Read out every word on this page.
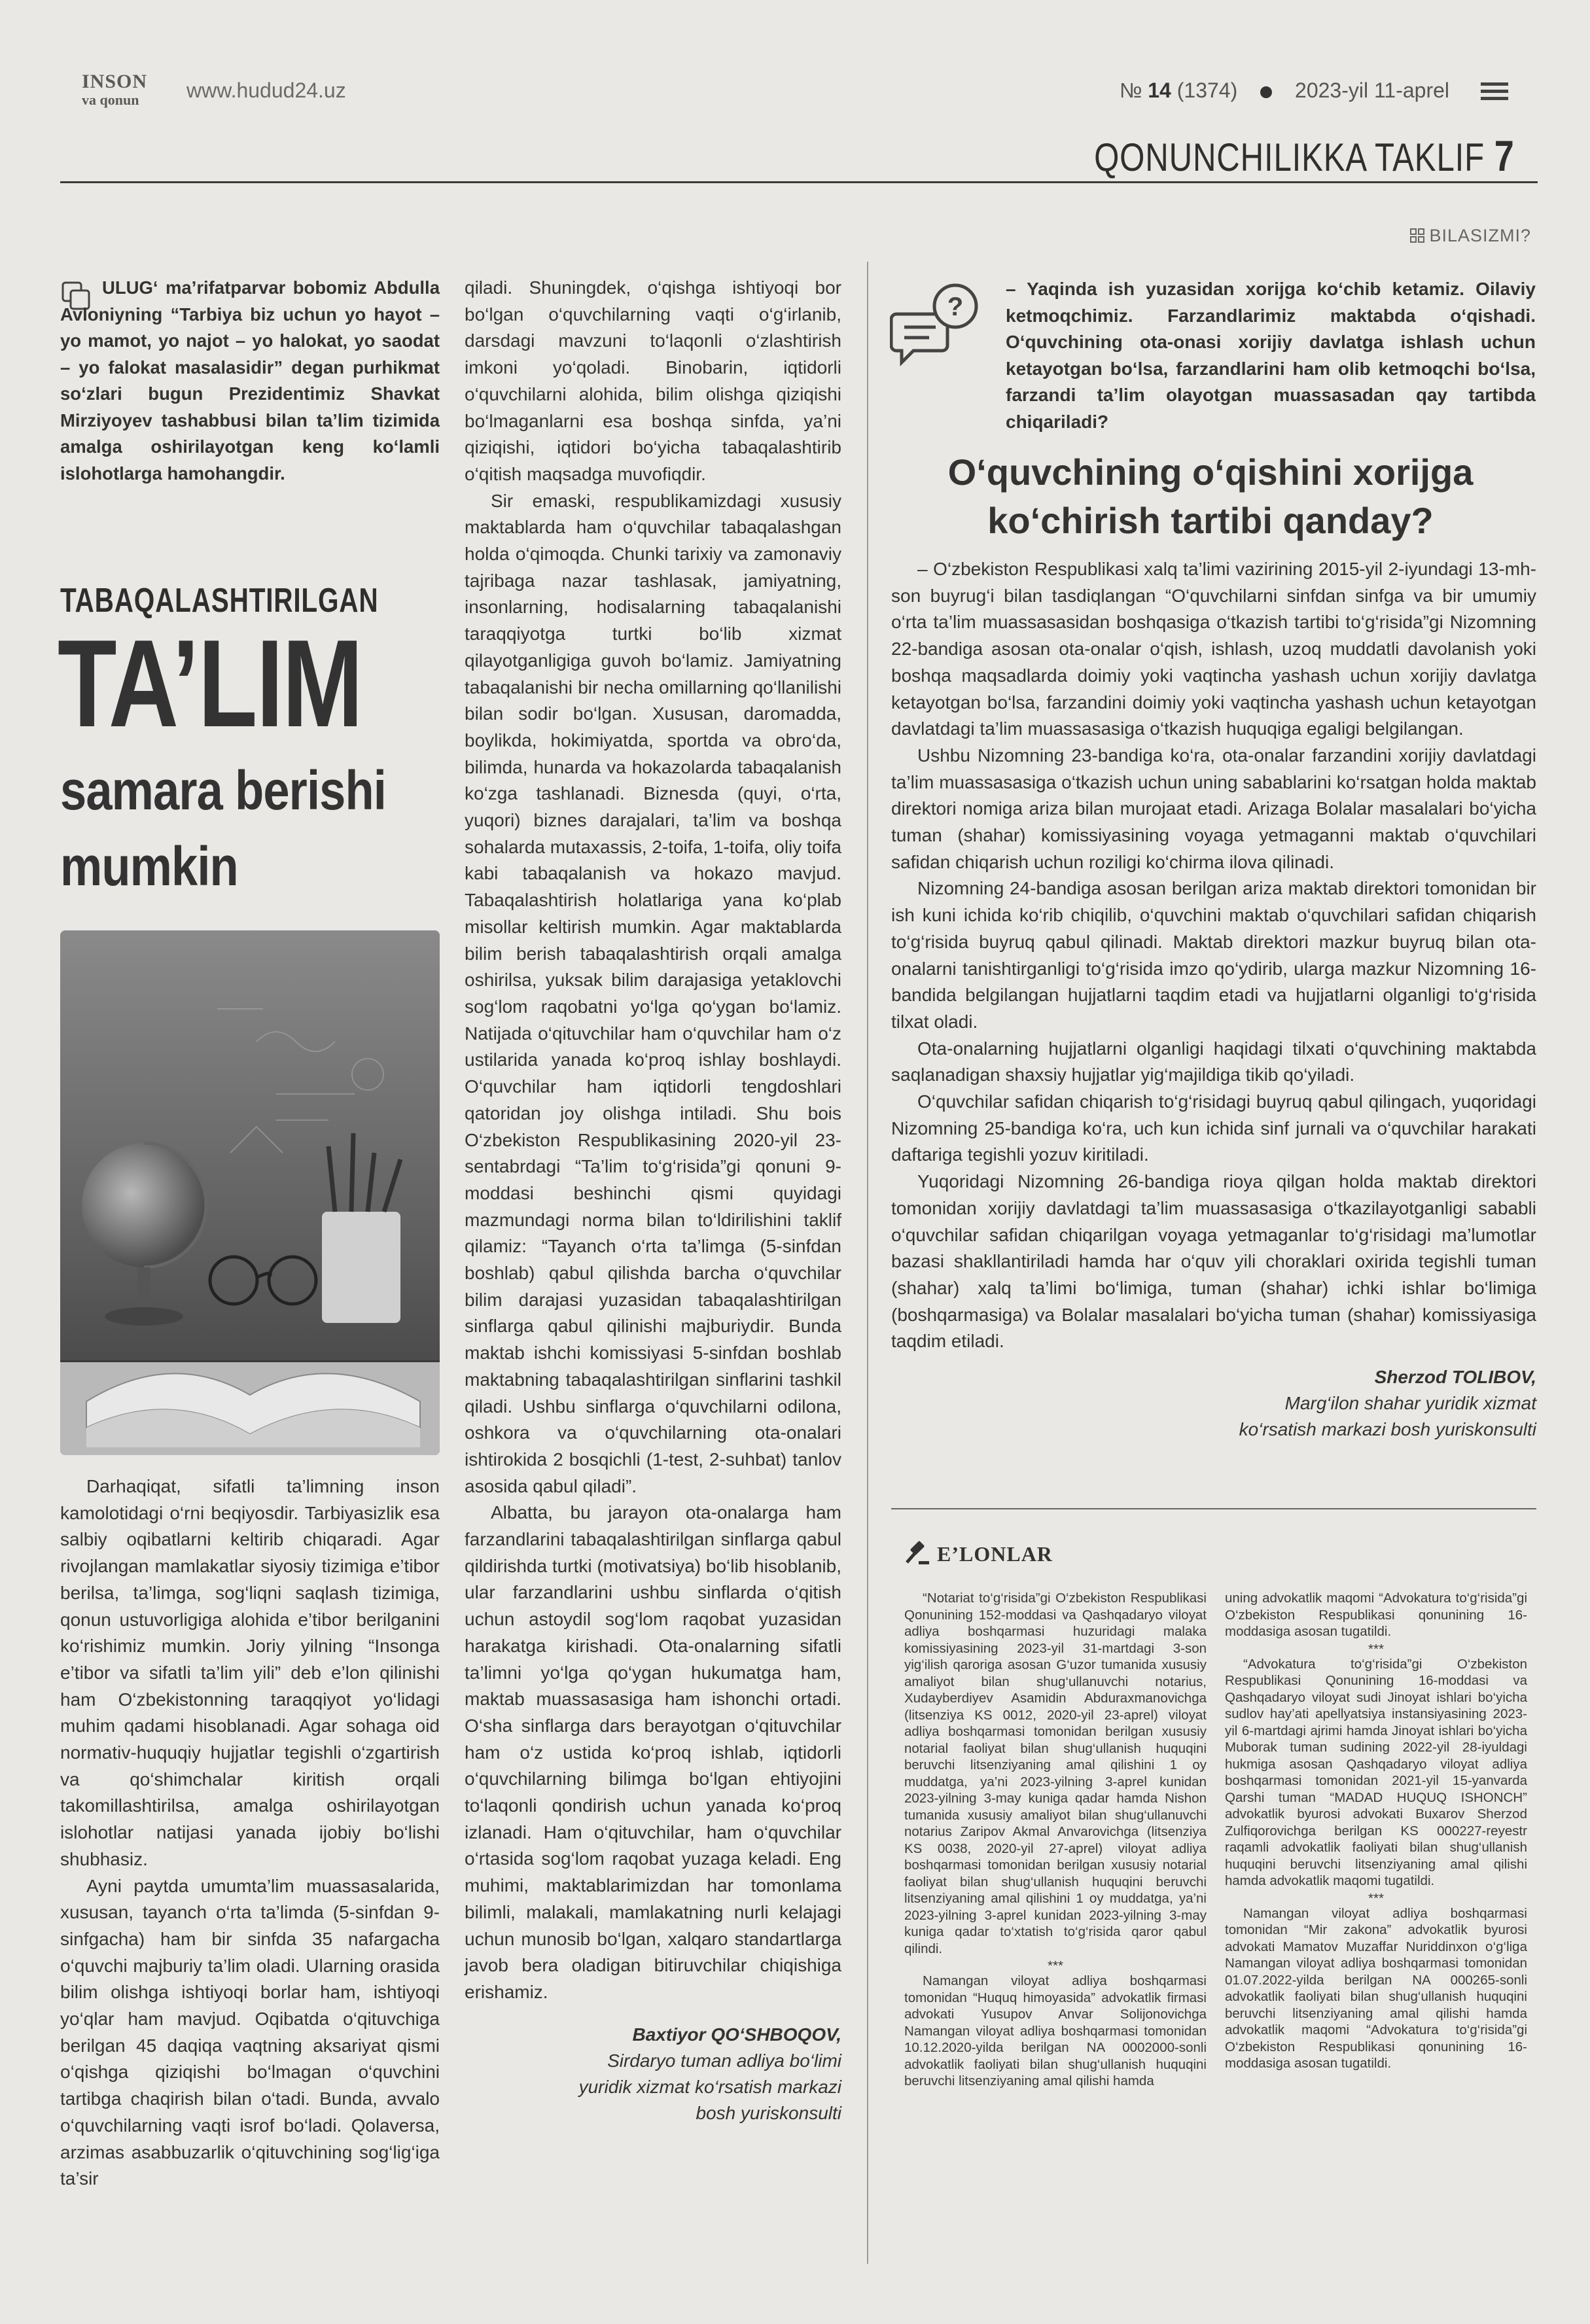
INSON
va qonun	www.hudud24.uz	№ 14 (1374)	2023-yil 11-aprel
QONUNCHILIKKA TAKLIF 7

ULUG‘ ma’rifatparvar bobomiz Abdulla Avloniyning “Tarbiya biz uchun yo hayot – yo mamot, yo najot – yo halokat, yo saodat – yo falokat masalasidir” degan purhikmat so‘zlari bugun Prezidentimiz Shavkat Mirziyoyev tashabbusi bilan ta’lim tizimida amalga oshirilayotgan keng ko‘lamli islohotlarga hamohangdir.

TABAQALASHTIRILGAN
TA’LIM
samara berishi mumkin

Darhaqiqat, sifatli ta’limning inson kamolotidagi o‘rni beqiyosdir. Tarbiyasizlik esa salbiy oqibatlarni keltirib chiqaradi. Agar rivojlangan mamlakatlar siyosiy tizimiga e’tibor berilsa, ta’limga, sog‘liqni saqlash tizimiga, qonun ustuvorligiga alohida e’tibor berilganini ko‘rishimiz mumkin. Joriy yilning “Insonga e’tibor va sifatli ta’lim yili” deb e’lon qilinishi ham O‘zbekistonning taraqqiyot yo‘lidagi muhim qadami hisoblanadi. Agar sohaga oid normativ-huquqiy hujjatlar tegishli o‘zgartirish va qo‘shimchalar kiritish orqali takomillashtirilsa, amalga oshirilayotgan islohotlar natijasi yanada ijobiy bo‘lishi shubhasiz.

Ayni paytda umumta’lim muassasalarida, xususan, tayanch o‘rta ta’limda (5-sinfdan 9-sinfgacha) ham bir sinfda 35 nafargacha o‘quvchi majburiy ta’lim oladi. Ularning orasida bilim olishga ishtiyoqi borlar ham, ishtiyoqi yo‘qlar ham mavjud. Oqibatda o‘qituvchiga berilgan 45 daqiqa vaqtning aksariyat qismi o‘qishga qiziqishi bo‘lmagan o‘quvchini tartibga chaqirish bilan o‘tadi. Bunda, avvalo o‘quvchilarning vaqti isrof bo‘ladi. Qolaversa, arzimas asabbuzarlik o‘qituvchining sog‘lig‘iga ta’sir

qiladi. Shuningdek, o‘qishga ishtiyoqi bor bo‘lgan o‘quvchilarning vaqti o‘g‘irlanib, darsdagi mavzuni to‘laqonli o‘zlashtirish imkoni yo‘qoladi. Binobarin, iqtidorli o‘quvchilarni alohida, bilim olishga qiziqishi bo‘lmaganlarni esa boshqa sinfda, ya’ni qiziqishi, iqtidori bo‘yicha tabaqalashtirib o‘qitish maqsadga muvofiqdir.

Sir emaski, respublikamizdagi xususiy maktablarda ham o‘quvchilar tabaqalashgan holda o‘qimoqda. Chunki tarixiy va zamonaviy tajribaga nazar tashlasak, jamiyatning, insonlarning, hodisalarning tabaqalanishi taraqqiyotga turtki bo‘lib xizmat qilayotganligiga guvoh bo‘lamiz. Jamiyatning tabaqalanishi bir necha omillarning qo‘llanilishi bilan sodir bo‘lgan. Xususan, daromadda, boylikda, hokimiyatda, sportda va obro‘da, bilimda, hunarda va hokazolarda tabaqalanish ko‘zga tashlanadi. Biznesda (quyi, o‘rta, yuqori) biznes darajalari, ta’lim va boshqa sohalarda mutaxassis, 2-toifa, 1-toifa, oliy toifa kabi tabaqalanish va hokazo mavjud. Tabaqalashtirish holatlariga yana ko‘plab misollar keltirish mumkin. Agar maktablarda bilim berish tabaqalashtirish orqali amalga oshirilsa, yuksak bilim darajasiga yetaklovchi sog‘lom raqobatni yo‘lga qo‘ygan bo‘lamiz. Natijada o‘qituvchilar ham o‘quvchilar ham o‘z ustilarida yanada ko‘proq ishlay boshlaydi. O‘quvchilar ham iqtidorli tengdoshlari qatoridan joy olishga intiladi. Shu bois O‘zbekiston Respublikasining 2020-yil 23-sentabrdagi “Ta’lim to‘g‘risida”gi qonuni 9-moddasi beshinchi qismi quyidagi mazmundagi norma bilan to‘ldirilishini taklif qilamiz: “Tayanch o‘rta ta’limga (5-sinfdan boshlab) qabul qilishda barcha o‘quvchilar bilim darajasi yuzasidan tabaqalashtirilgan sinflarga qabul qilinishi majburiydir. Bunda maktab ishchi komissiyasi 5-sinfdan boshlab maktabning tabaqalashtirilgan sinflarini tashkil qiladi. Ushbu sinflarga o‘quvchilarni odilona, oshkora va o‘quvchilarning ota-onalari ishtirokida 2 bosqichli (1-test, 2-suhbat) tanlov asosida qabul qiladi”.

Albatta, bu jarayon ota-onalarga ham farzandlarini tabaqalashtirilgan sinflarga qabul qildirishda turtki (motivatsiya) bo‘lib hisoblanib, ular farzandlarini ushbu sinflarda o‘qitish uchun astoydil sog‘lom raqobat yuzasidan harakatga kirishadi. Ota-onalarning sifatli ta’limni yo‘lga qo‘ygan hukumatga ham, maktab muassasasiga ham ishonchi ortadi. O‘sha sinflarga dars berayotgan o‘qituvchilar ham o‘z ustida ko‘proq ishlab, iqtidorli o‘quvchilarning bilimga bo‘lgan ehtiyojini to‘laqonli qondirish uchun yanada ko‘proq izlanadi. Ham o‘qituvchilar, ham o‘quvchilar o‘rtasida sog‘lom raqobat yuzaga keladi. Eng muhimi, maktablarimizdan har tomonlama bilimli, malakali, mamlakatning nurli kelajagi uchun munosib bo‘lgan, xalqaro standartlarga javob bera oladigan bitiruvchilar chiqishiga erishamiz.

Baxtiyor QO‘SHBOQOV,
Sirdaryo tuman adliya bo‘limi yuridik xizmat ko‘rsatish markazi bosh yuriskonsulti
BILASIZMI?
?

– Yaqinda ish yuzasidan xorijga ko‘chib ketamiz. Oilaviy ketmoqchimiz. Farzandlarimiz maktabda o‘qishadi. O‘quvchining ota-onasi xorijiy davlatga ishlash uchun ketayotgan bo‘lsa, farzandlarini ham olib ketmoqchi bo‘lsa, farzandi ta’lim olayotgan muassasadan qay tartibda chiqariladi?

O‘quvchining o‘qishini xorijga ko‘chirish tartibi qanday?

– O‘zbekiston Respublikasi xalq ta’limi vazirining 2015-yil 2-iyundagi 13-mh-son buyrug‘i bilan tasdiqlangan “O‘quvchilarni sinfdan sinfga va bir umumiy o‘rta ta’lim muassasasidan boshqasiga o‘tkazish tartibi to‘g‘risida”gi Nizomning 22-bandiga asosan ota-onalar o‘qish, ishlash, uzoq muddatli davolanish yoki boshqa maqsadlarda doimiy yoki vaqtincha yashash uchun xorijiy davlatga ketayotgan bo‘lsa, farzandini doimiy yoki vaqtincha yashash uchun ketayotgan davlatdagi ta’lim muassasasiga o‘tkazish huquqiga egaligi belgilangan.

Ushbu Nizomning 23-bandiga ko‘ra, ota-onalar farzandini xorijiy davlatdagi ta’lim muassasasiga o‘tkazish uchun uning sabablarini ko‘rsatgan holda maktab direktori nomiga ariza bilan murojaat etadi. Arizaga Bolalar masalalari bo‘yicha tuman (shahar) komissiyasining voyaga yetmaganni maktab o‘quvchilari safidan chiqarish uchun roziligi ko‘chirma ilova qilinadi.

Nizomning 24-bandiga asosan berilgan ariza maktab direktori tomonidan bir ish kuni ichida ko‘rib chiqilib, o‘quvchini maktab o‘quvchilari safidan chiqarish to‘g‘risida buyruq qabul qilinadi. Maktab direktori mazkur buyruq bilan ota-onalarni tanishtirganligi to‘g‘risida imzo qo‘ydirib, ularga mazkur Nizomning 16-bandida belgilangan hujjatlarni taqdim etadi va hujjatlarni olganligi to‘g‘risida tilxat oladi.

Ota-onalarning hujjatlarni olganligi haqidagi tilxati o‘quvchining maktabda saqlanadigan shaxsiy hujjatlar yig‘majildiga tikib qo‘yiladi.

O‘quvchilar safidan chiqarish to‘g‘risidagi buyruq qabul qilingach, yuqoridagi Nizomning 25-bandiga ko‘ra, uch kun ichida sinf jurnali va o‘quvchilar harakati daftariga tegishli yozuv kiritiladi.

Yuqoridagi Nizomning 26-bandiga rioya qilgan holda maktab direktori tomonidan xorijiy davlatdagi ta’lim muassasasiga o‘tkazilayotganligi sababli o‘quvchilar safidan chiqarilgan voyaga yetmaganlar to‘g‘risidagi ma’lumotlar bazasi shakllantiriladi hamda har o‘quv yili choraklari oxirida tegishli tuman (shahar) xalq ta’limi bo‘limiga, tuman (shahar) ichki ishlar bo‘limiga (boshqarmasiga) va Bolalar masalalari bo‘yicha tuman (shahar) komissiyasiga taqdim etiladi.

Sherzod TOLIBOV,
Marg‘ilon shahar yuridik xizmat ko‘rsatish markazi bosh yuriskonsulti
E’LONLAR

“Notariat to‘g‘risida”gi O‘zbekiston Respublikasi Qonunining 152-moddasi va Qashqadaryo viloyat adliya boshqarmasi huzuridagi malaka komissiyasining 2023-yil 31-martdagi 3-son yig‘ilish qaroriga asosan G‘uzor tumanida xususiy amaliyot bilan shug‘ullanuvchi notarius, Xudayberdiyev Asamidin Abduraxmanovichga (litsenziya KS 0012, 2020-yil 23-aprel) viloyat adliya boshqarmasi tomonidan berilgan xususiy notarial faoliyat bilan shug‘ullanish huquqini beruvchi litsenziyaning amal qilishini 1 oy muddatga, ya’ni 2023-yilning 3-aprel kunidan 2023-yilning 3-may kuniga qadar hamda Nishon tumanida xususiy amaliyot bilan shug‘ullanuvchi notarius Zaripov Akmal Anvarovichga (litsenziya KS 0038, 2020-yil 27-aprel) viloyat adliya boshqarmasi tomonidan berilgan xususiy notarial faoliyat bilan shug‘ullanish huquqini beruvchi litsenziyaning amal qilishini 1 oy muddatga, ya’ni 2023-yilning 3-aprel kunidan 2023-yilning 3-may kuniga qadar to‘xtatish to‘g‘risida qaror qabul qilindi.

***

Namangan viloyat adliya boshqarmasi tomonidan “Huquq himoyasida” advokatlik firmasi advokati Yusupov Anvar Solijonovichga Namangan viloyat adliya boshqarmasi tomonidan 10.12.2020-yilda berilgan NA 0002000-sonli advokatlik faoliyati bilan shug‘ullanish huquqini beruvchi litsenziyaning amal qilishi hamda

uning advokatlik maqomi “Advokatura to‘g‘risida”gi O‘zbekiston Respublikasi qonunining 16-moddasiga asosan tugatildi.

***

“Advokatura to‘g‘risida”gi O‘zbekiston Respublikasi Qonunining 16-moddasi va Qashqadaryo viloyat sudi Jinoyat ishlari bo‘yicha sudlov hay’ati apellyatsiya instansiyasining 2023-yil 6-martdagi ajrimi hamda Jinoyat ishlari bo‘yicha Muborak tuman sudining 2022-yil 28-iyuldagi hukmiga asosan Qashqadaryo viloyat adliya boshqarmasi tomonidan 2021-yil 15-yanvarda Qarshi tuman “MADAD HUQUQ ISHONCH” advokatlik byurosi advokati Buxarov Sherzod Zulfiqorovichga berilgan KS 000227-reyestr raqamli advokatlik faoliyati bilan shug‘ullanish huquqini beruvchi litsenziyaning amal qilishi hamda advokatlik maqomi tugatildi.

***

Namangan viloyat adliya boshqarmasi tomonidan “Mir zakona” advokatlik byurosi advokati Mamatov Muzaffar Nuriddinxon o‘g‘liga Namangan viloyat adliya boshqarmasi tomonidan 01.07.2022-yilda berilgan NA 000265-sonli advokatlik faoliyati bilan shug‘ullanish huquqini beruvchi litsenziyaning amal qilishi hamda advokatlik maqomi “Advokatura to‘g‘risida”gi O‘zbekiston Respublikasi qonunining 16-moddasiga asosan tugatildi.
